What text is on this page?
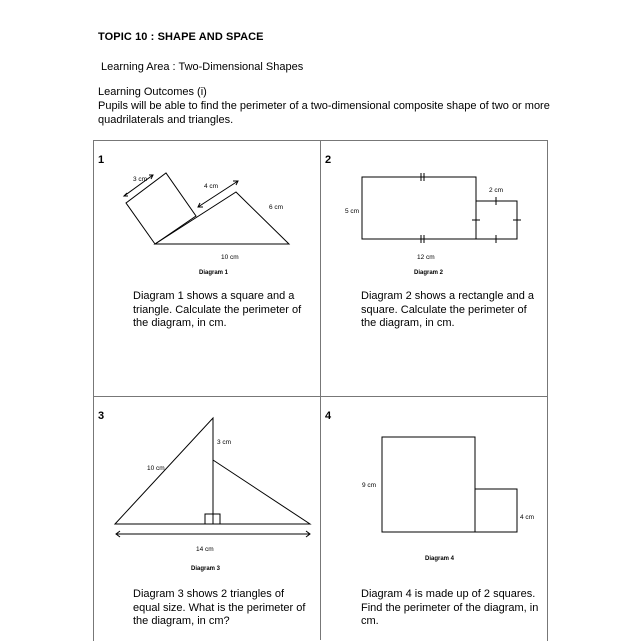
TOPIC 10 : SHAPE AND SPACE
Learning Area : Two-Dimensional Shapes
Learning Outcomes (i)
Pupils will be able to find the perimeter of a two-dimensional composite shape of two or more quadrilaterals and triangles.
1	2
3	4
3 cm
4 cm
6 cm
10 cm
Diagram 1
2 cm
5 cm
12 cm
Diagram 2
3 cm
10 cm
14 cm
Diagram 3
9 cm
4 cm
Diagram 4
Diagram 1 shows a square and a triangle. Calculate the perimeter of the diagram, in cm.
Diagram 2 shows a rectangle and a square. Calculate the perimeter of the diagram, in cm.
Diagram 3 shows 2 triangles of equal size. What is the perimeter of the diagram, in cm?
Diagram 4 is made up of 2 squares. Find the perimeter of the diagram, in cm.
